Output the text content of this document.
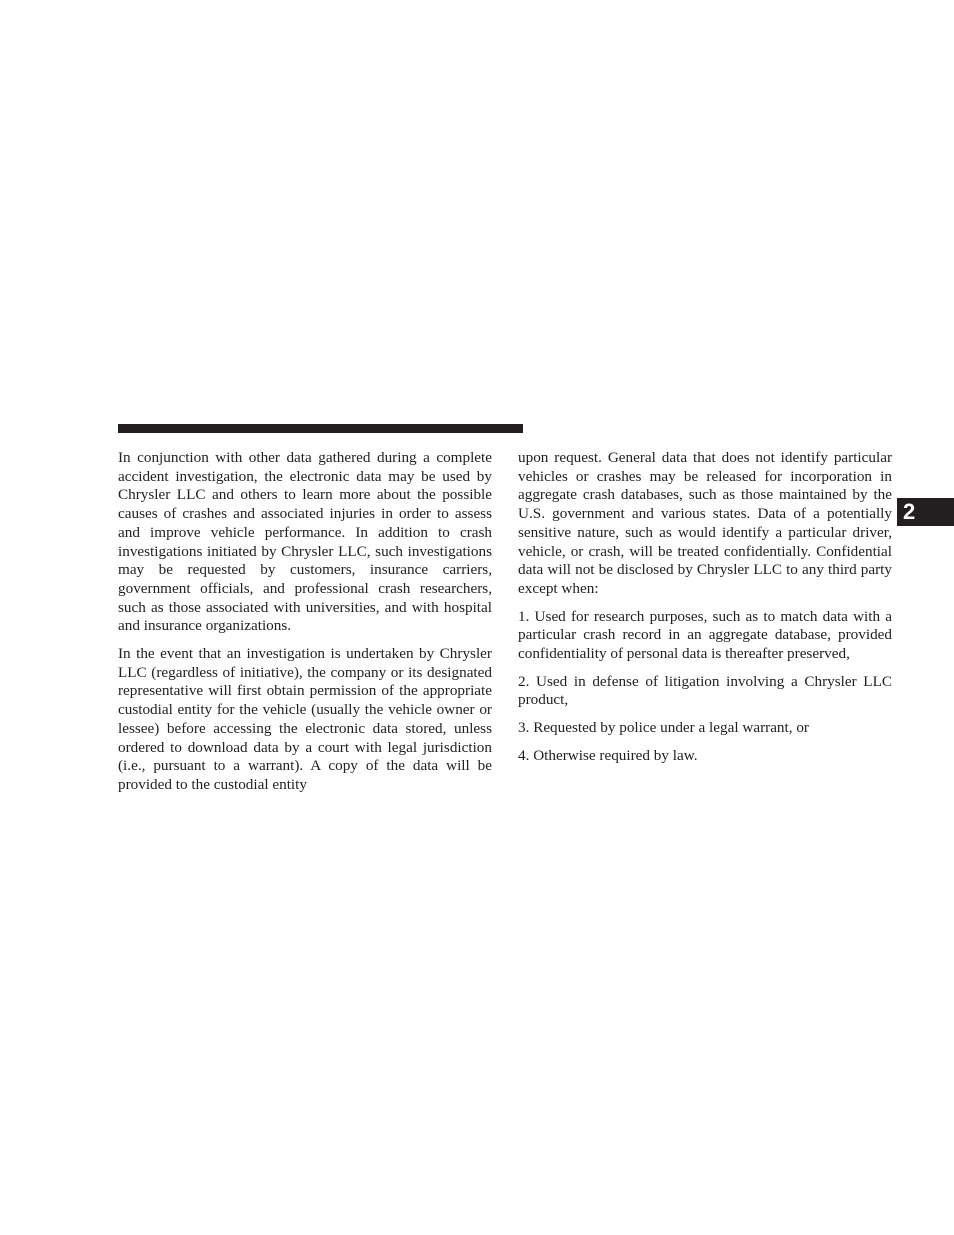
In conjunction with other data gathered during a complete accident investigation, the electronic data may be used by Chrysler LLC and others to learn more about the possible causes of crashes and associated injuries in order to assess and improve vehicle performance. In addition to crash investigations initiated by Chrysler LLC, such investigations may be requested by customers, insurance carriers, government officials, and professional crash researchers, such as those associated with universities, and with hospital and insurance organizations.

In the event that an investigation is undertaken by Chrysler LLC (regardless of initiative), the company or its designated representative will first obtain permission of the appropriate custodial entity for the vehicle (usually the vehicle owner or lessee) before accessing the electronic data stored, unless ordered to download data by a court with legal jurisdiction (i.e., pursuant to a warrant). A copy of the data will be provided to the custodial entity

upon request. General data that does not identify particular vehicles or crashes may be released for incorporation in aggregate crash databases, such as those maintained by the U.S. government and various states. Data of a potentially sensitive nature, such as would identify a particular driver, vehicle, or crash, will be treated confidentially. Confidential data will not be disclosed by Chrysler LLC to any third party except when:

1. Used for research purposes, such as to match data with a particular crash record in an aggregate database, provided confidentiality of personal data is thereafter preserved,

2. Used in defense of litigation involving a Chrysler LLC product,

3. Requested by police under a legal warrant, or

4. Otherwise required by law.

2
